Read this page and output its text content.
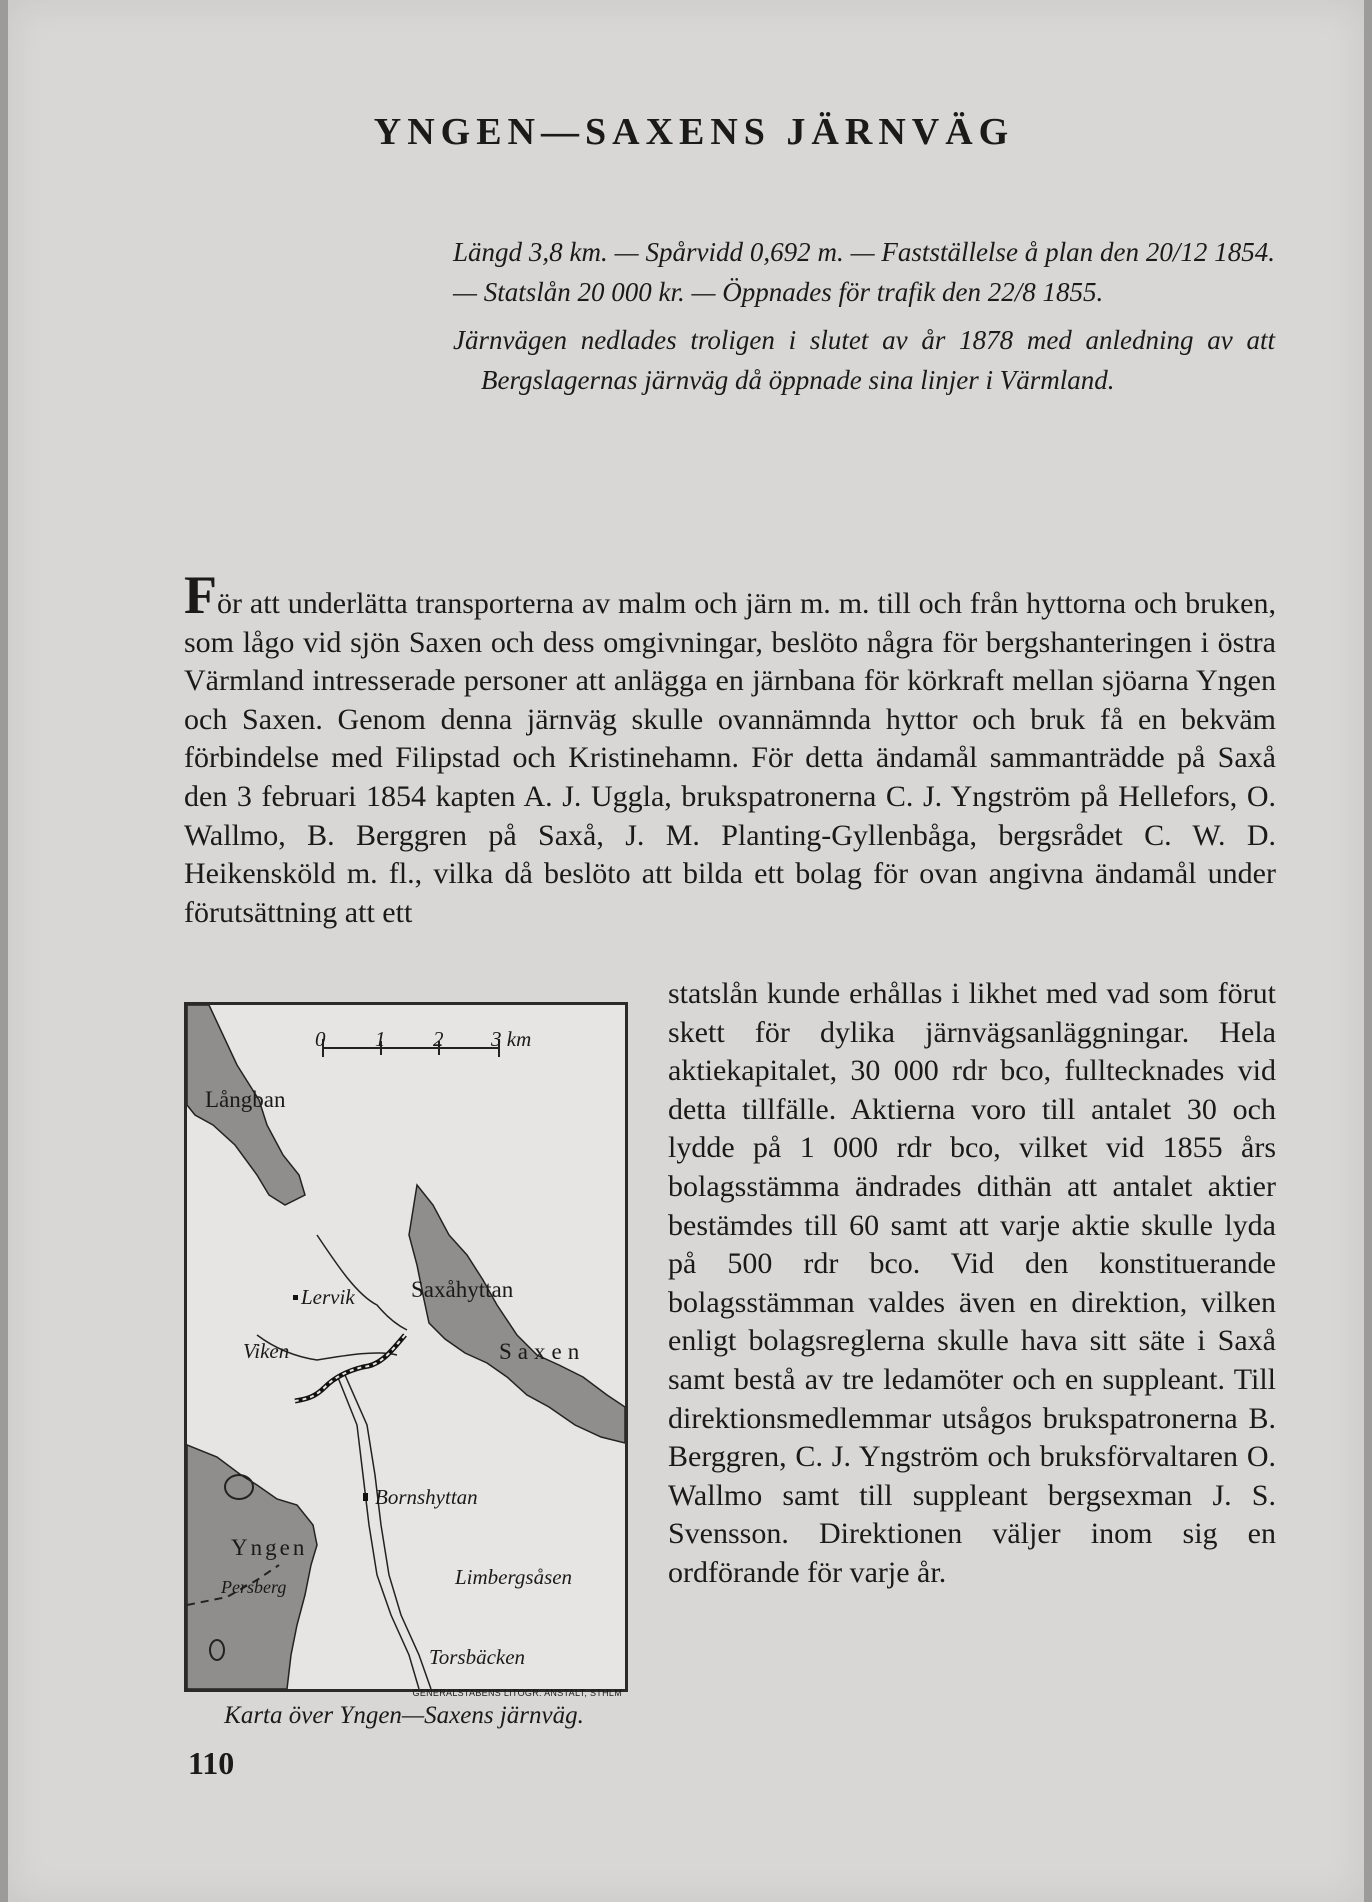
YNGEN—SAXENS JÄRNVÄG

Längd 3,8 km. — Spårvidd 0,692 m. — Fastställelse å plan den 20/12 1854. — Statslån 20 000 kr. — Öppnades för trafik den 22/8 1855.

Järnvägen nedlades troligen i slutet av år 1878 med anledning av att Bergslagernas järnväg då öppnade sina linjer i Värmland.

För att underlätta transporterna av malm och järn m. m. till och från hyttorna och bruken, som lågo vid sjön Saxen och dess omgivningar, beslöto några för bergshanteringen i östra Värmland intresserade personer att anlägga en järnbana för körkraft mellan sjöarna Yngen och Saxen. Genom denna järnväg skulle ovannämnda hyttor och bruk få en bekväm förbindelse med Filipstad och Kristinehamn. För detta ändamål sammanträdde på Saxå den 3 februari 1854 kapten A. J. Uggla, brukspatronerna C. J. Yngström på Hellefors, O. Wallmo, B. Berggren på Saxå, J. M. Planting-Gyllenbåga, bergsrådet C. W. D. Heikensköld m. fl., vilka då beslöto att bilda ett bolag för ovan angivna ändamål under förutsättning att ett
statslån kunde erhållas i likhet med vad som förut skett för dylika järnvägsanläggningar. Hela aktiekapitalet, 30 000 rdr bco, fulltecknades vid detta tillfälle. Aktierna voro till antalet 30 och lydde på 1 000 rdr bco, vilket vid 1855 års bolagsstämma ändrades dithän att antalet aktier bestämdes till 60 samt att varje aktie skulle lyda på 500 rdr bco. Vid den konstituerande bolagsstämman valdes även en direktion, vilken enligt bolagsreglerna skulle hava sitt säte i Saxå samt bestå av tre ledamöter och en suppleant. Till direktionsmedlemmar utsågos brukspatronerna B. Berggren, C. J. Yngström och bruksförvaltaren O. Wallmo samt till suppleant bergsexman J. S. Svensson. Direktionen väljer inom sig en ordförande för varje år.
0 1 2 3 km
Långban
Lervik Saxåhyttan
Viken	Saxen
Bornshyttan
Yngen
Persberg	Limbergsåsen
Torsbäcken
GENERALSTABENS LITOGR. ANSTALT, STHLM
Karta över Yngen—Saxens järnväg.
110
